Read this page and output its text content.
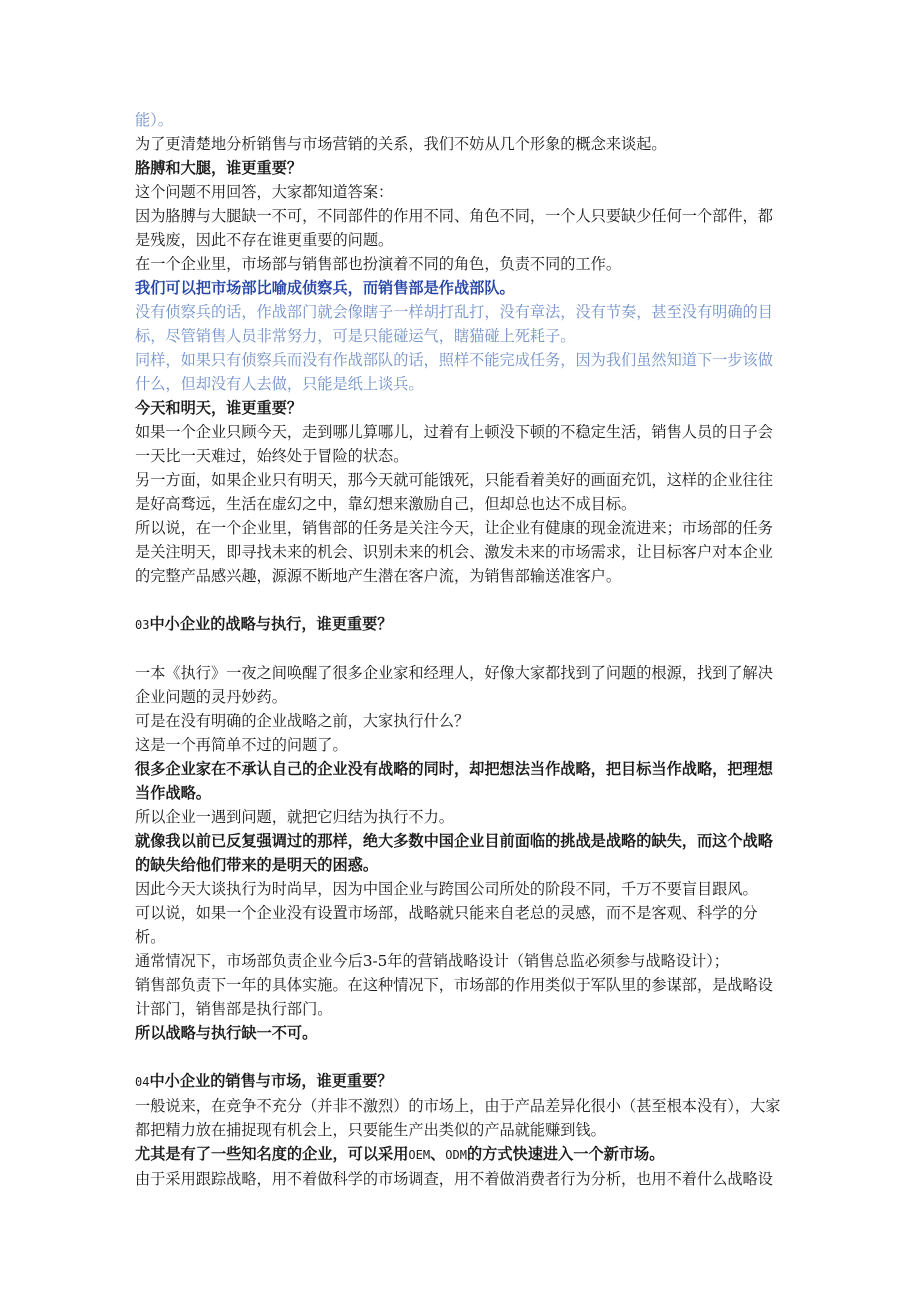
能）。

为了更清楚地分析销售与市场营销的关系，我们不妨从几个形象的概念来谈起。

胳膊和大腿，谁更重要？

这个问题不用回答，大家都知道答案：

因为胳膊与大腿缺一不可，不同部件的作用不同、角色不同，一个人只要缺少任何一个部件，都是残废，因此不存在谁更重要的问题。

在一个企业里，市场部与销售部也扮演着不同的角色，负责不同的工作。

我们可以把市场部比喻成侦察兵，而销售部是作战部队。

没有侦察兵的话，作战部门就会像瞎子一样胡打乱打，没有章法，没有节奏，甚至没有明确的目标，尽管销售人员非常努力，可是只能碰运气，瞎猫碰上死耗子。

同样，如果只有侦察兵而没有作战部队的话，照样不能完成任务，因为我们虽然知道下一步该做什么，但却没有人去做，只能是纸上谈兵。

今天和明天，谁更重要？

如果一个企业只顾今天，走到哪儿算哪儿，过着有上顿没下顿的不稳定生活，销售人员的日子会一天比一天难过，始终处于冒险的状态。

另一方面，如果企业只有明天，那今天就可能饿死，只能看着美好的画面充饥，这样的企业往往是好高骛远，生活在虚幻之中，靠幻想来激励自己，但却总也达不成目标。

所以说，在一个企业里，销售部的任务是关注今天，让企业有健康的现金流进来；市场部的任务是关注明天，即寻找未来的机会、识别未来的机会、激发未来的市场需求，让目标客户对本企业的完整产品感兴趣，源源不断地产生潜在客户流，为销售部输送准客户。

03中小企业的战略与执行，谁更重要？

一本《执行》一夜之间唤醒了很多企业家和经理人，好像大家都找到了问题的根源，找到了解决企业问题的灵丹妙药。

可是在没有明确的企业战略之前，大家执行什么？

这是一个再简单不过的问题了。

很多企业家在不承认自己的企业没有战略的同时，却把想法当作战略，把目标当作战略，把理想当作战略。

所以企业一遇到问题，就把它归结为执行不力。

就像我以前已反复强调过的那样，绝大多数中国企业目前面临的挑战是战略的缺失，而这个战略的缺失给他们带来的是明天的困惑。

因此今天大谈执行为时尚早，因为中国企业与跨国公司所处的阶段不同，千万不要盲目跟风。

可以说，如果一个企业没有设置市场部，战略就只能来自老总的灵感，而不是客观、科学的分析。

通常情况下，市场部负责企业今后3-5年的营销战略设计（销售总监必须参与战略设计）；

销售部负责下一年的具体实施。在这种情况下，市场部的作用类似于军队里的参谋部，是战略设计部门，销售部是执行部门。

所以战略与执行缺一不可。

04中小企业的销售与市场，谁更重要？

一般说来，在竞争不充分（并非不激烈）的市场上，由于产品差异化很小（甚至根本没有），大家都把精力放在捕捉现有机会上，只要能生产出类似的产品就能赚到钱。

尤其是有了一些知名度的企业，可以采用OEM、ODM的方式快速进入一个新市场。

由于采用跟踪战略，用不着做科学的市场调查，用不着做消费者行为分析，也用不着什么战略设
